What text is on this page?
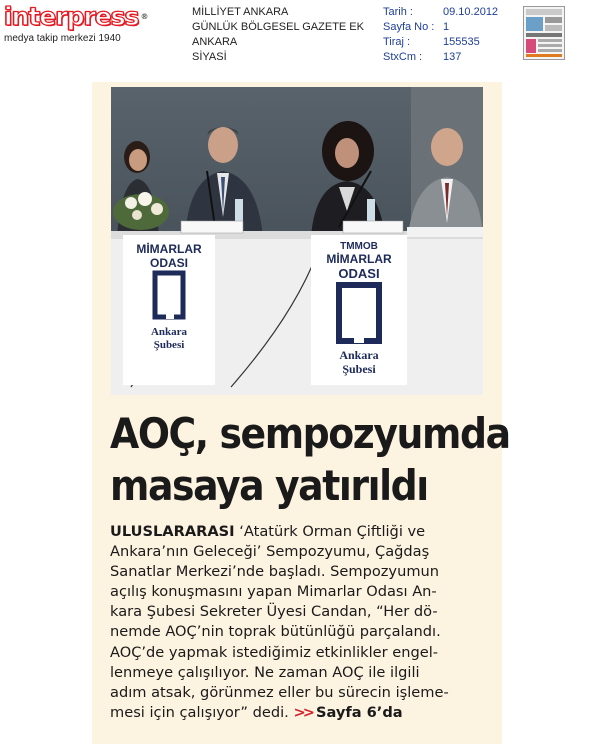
interpress ®
medya takip merkezi 1940
MİLLİYET ANKARA
GÜNLÜK BÖLGESEL GAZETE EK
ANKARA
SİYASİ
Tarih :	09.10.2012
Sayfa No : 1
Tiraj :	155535
StxCm :	137
MİMARLAR
ODASI
Ankara
Şubesi
TMMOB
MİMARLAR
ODASI
Ankara
Şubesi
AOÇ, sempozyumda
masaya yatırıldı
ULUSLARARASI ‘Atatürk Orman Çiftliği ve
Ankara’nın Geleceği’ Sempozyumu, Çağdaş
Sanatlar Merkezi’nde başladı. Sempozyumun
açılış konuşmasını yapan Mimarlar Odası An-
kara Şubesi Sekreter Üyesi Candan, “Her dö-
nemde AOÇ’nin toprak bütünlüğü parçalandı.
AOÇ’de yapmak istediğimiz etkinlikler engel-
lenmeye çalışılıyor. Ne zaman AOÇ ile ilgili
adım atsak, görünmez eller bu sürecin işleme-
mesi için çalışıyor” dedi. >> Sayfa 6’da
